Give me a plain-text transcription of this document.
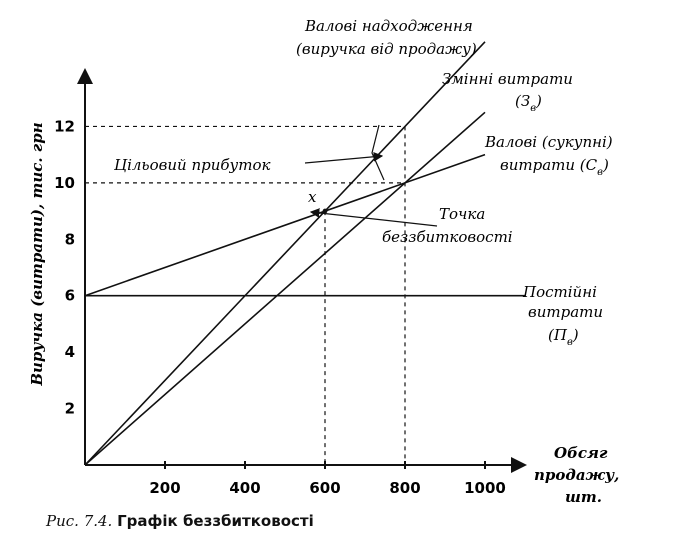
200	400	600	800	1000
2
4
6
8
10
12
x
Валові надходження
(виручка від продажу)
Змінні витрати
$(З_в)$
Валові (сукупні)
витрати $(С_в)$
Цільовий прибуток
Точка
беззбитковості
Постійні
витрати
$(П_в)$
Обсяг
продажу,
шт.
Виручка (витрати), тис. грн
Рис. 7.4. Графік беззбитковості
